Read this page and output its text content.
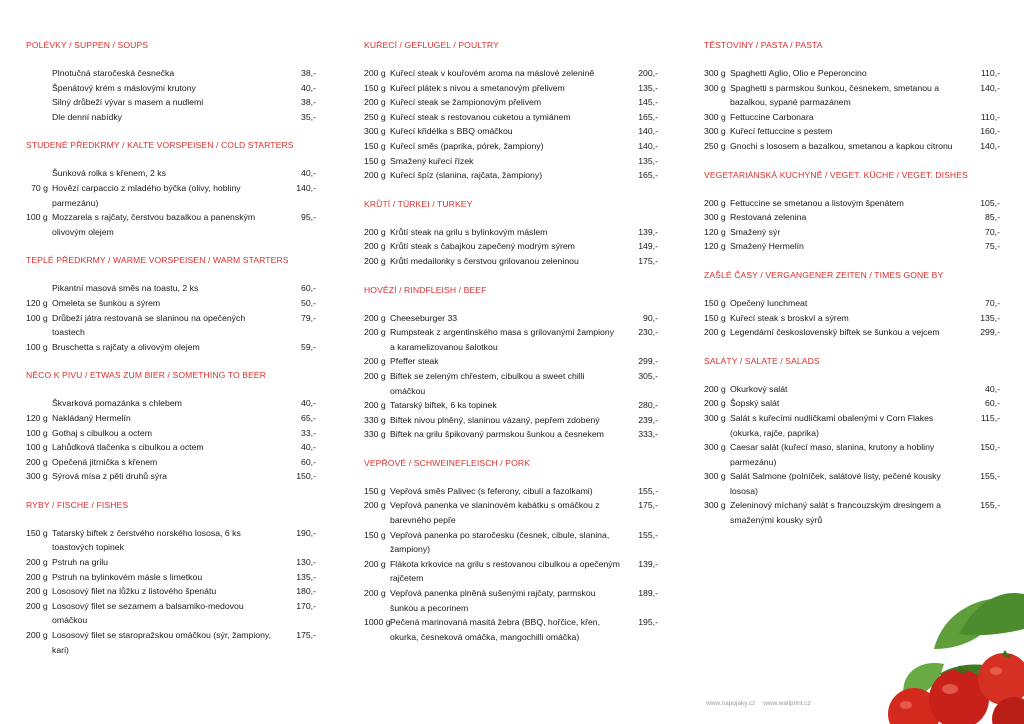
POLÉVKY / SUPPEN / SOUPS
Plnotučná staročeská česnečka	38,-
Špenátový krém s máslovými krutony	40,-
Silný drůbeží vývar s masem a nudlemi	38,-
Dle denní nabídky	35,-
STUDENÉ PŘEDKRMY / KALTE VORSPEISEN / COLD STARTERS
Šunková rolka s křenem, 2 ks	40,-
70 g Hovězí carpaccio z mladého býčka (olivy, hobliny parmezánu)
140,-
100 g Mozzarela s rajčaty, čerstvou bazalkou a panenským olivovým olejem
95,-
TEPLÉ PŘEDKRMY / WARME VORSPEISEN / WARM STARTERS
Pikantní masová směs na toastu, 2 ks	60,-
120 g Omeleta se šunkou a sýrem	50,-
100 g Drůbeží játra restovaná se slaninou na opečených toastech
79,-
100 g Bruschetta s rajčaty a olivovým olejem	59,-
NĚCO K PIVU / ETWAS ZUM BIER / SOMETHING TO BEER
Škvarková pomazánka s chlebem	40,-
120 g Nakládaný Hermelín	65,-
100 g Gothaj s cibulkou a octem	33,-
100 g Lahůdková tlačenka s cibulkou a octem	40,-
200 g Opečená jitrnička s křenem	60,-
300 g Sýrová mísa z pěti druhů sýra	150,-
RYBY / FISCHE / FISHES
150 g Tatarský biftek z čerstvého norského lososa, 6 ks toastových topinek
190,-
200 g Pstruh na grilu	130,-
200 g Pstruh na bylinkovém másle s limetkou	135,-
200 g Lososový filet na lůžku z listového špenátu	180,-
200 g Lososový filet se sezamem a balsamiko-medovou omáčkou
170,-
200 g Lososový filet se staropražskou omáčkou (sýr, žampiony, kari)
175,-
KUŘECÍ / GEFLUGEL / POULTRY
200 g Kuřecí steak v kouřovém aroma na máslové zelenině	200,-
150 g Kuřecí plátek s nivou a smetanovým přelivem	135,-
200 g Kuřecí steak se žampionovým přelivem	145,-
250 g Kuřecí steak s restovanou cuketou a tymiánem	165,-
300 g Kuřecí křidélka s BBQ omáčkou	140,-
150 g Kuřecí směs (paprika, pórek, žampiony)	140,-
150 g Smažený kuřecí řízek	135,-
200 g Kuřecí špíz (slanina, rajčata, žampiony)	165,-
KRŮTÍ / TÜRKEI / TURKEY
200 g Krůtí steak na grilu s bylinkovým máslem	139,-
200 g Krůtí steak s čabajkou zapečený modrým sýrem	149,-
200 g Krůtí medailonky s čerstvou grilovanou zeleninou	175,-
HOVĚZÍ / RINDFLEISH / BEEF
200 g Cheeseburger 33	90,-
200 g Rumpsteak z argentinského masa s grilovanými žampiony a karamelizovanou šalotkou
230,-
200 g Pfeffer steak	299,-
200 g Biftek se zeleným chřestem, cibulkou a sweet chilli omáčkou
305,-
200 g Tatarský biftek, 6 ks topinek	280,-
330 g Biftek nivou plněný, slaninou vázaný, pepřem zdobený	239,-
330 g Biftek na grilu špikovaný parmskou šunkou a česnekem	333,-
VEPŘOVÉ / SCHWEINEFLEISCH / PORK
150 g Vepřová směs Palivec (s feferony, cibulí a fazolkami)	155,-
200 g Vepřová panenka ve slaninovém kabátku s omáčkou z barevného pepře
175,-
150 g Vepřová panenka po staročesku (česnek, cibule, slanina, žampiony)
155,-
200 g Flákota krkovice na grilu s restovanou cibulkou a opečeným rajčetem
139,-
200 g Vepřová panenka plněná sušenými rajčaty, parmskou šunkou a pecorinem
189,-
1000 g Pečená marinovaná masitá žebra (BBQ, hořčice, křen, okurka, česneková omáčka, mangochilli omáčka)
195,-
TĚSTOVINY / PASTA / PASTA
300 g Spaghetti Aglio, Olio e Peperoncino	110,-
300 g Spaghetti s parmskou šunkou, česnekem, smetanou a bazalkou, sypané parmazánem
140,-
300 g Fettuccine Carbonara	110,-
300 g Kuřecí fettuccine s pestem	160,-
250 g Gnochi s lososem a bazalkou, smetanou a kapkou citronu	140,-
VEGETARIÁNSKÁ KUCHYNĚ / VEGET. KÜCHE / VEGET. DISHES
200 g Fettuccine se smetanou a listovým špenátem	105,-
300 g Restovaná zelenina	85,-
120 g Smažený sýr	70,-
120 g Smažený Hermelín	75,-
ZAŠLÉ ČASY / VERGANGENER ZEITEN / TIMES GONE BY
150 g Opečený lunchmeat	70,-
150 g Kuřecí steak s broskví a sýrem	135,-
200 g Legendární československý biftek se šunkou a vejcem	299,-
SALÁTY / SALATE / SALADS
200 g Okurkový salát	40,-
200 g Šopský salát	60,-
300 g Salát s kuřecími nudličkami obalenými v Corn Flakes (okurka, rajče, paprika)
115,-
300 g Caesar salát (kuřecí maso, slanina, krutony a hobliny parmezánu)
150,-
300 g Salát Salmone (polníček, salátové listy, pečené kousky lososa)
155,-
300 g Zeleninový míchaný salát s francouzským dresingem a smaženými kousky sýrů
155,-
www.napojaky.cz www.wallprint.cz
